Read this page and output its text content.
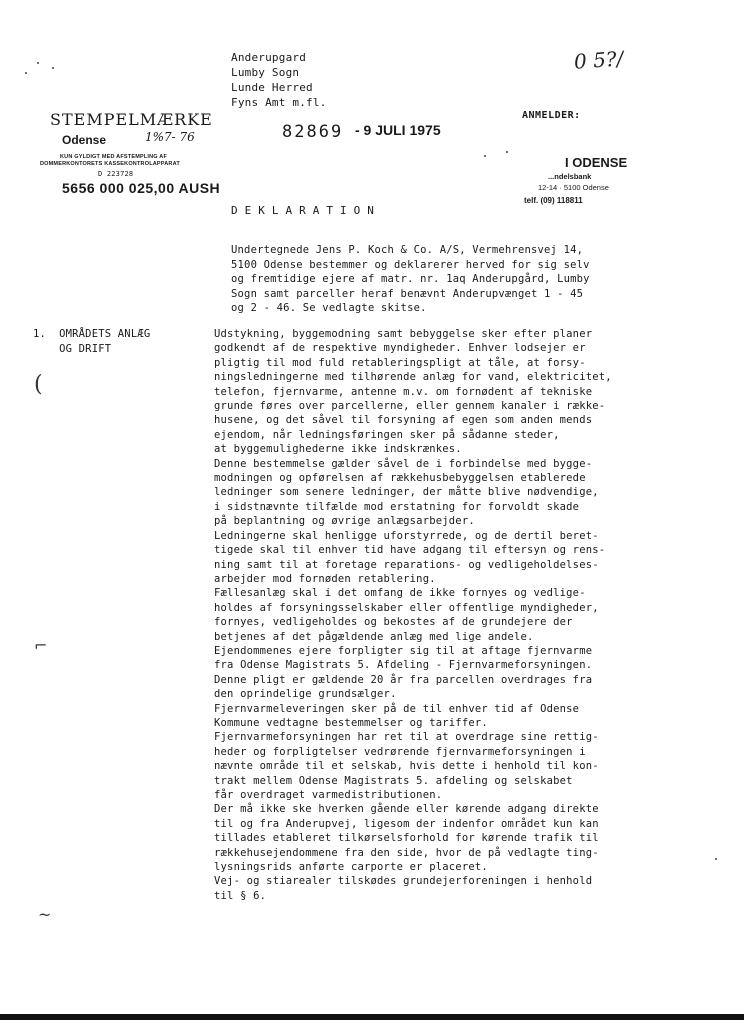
Anderupgard
Lumby Sogn
Lunde Herred
Fyns Amt m.fl.
0 5?/
STEMPELMÆRKE
Odense	1%7- 76
KUN GYLDIGT MED AFSTEMPLING AF
DOMMERKONTORETS KASSEKONTROLAPPARAT
D 223728
5656 000 025,00 AUSH
82869 - 9 JULI 1975
ANMELDER:
I ODENSE
...ndelsbank
12-14 · 5100 Odense
telf. (09) 118811
DEKLARATION
Undertegnede Jens P. Koch & Co. A/S, Vermehrensvej 14,
5100 Odense bestemmer og deklarerer herved for sig selv
og fremtidige ejere af matr. nr. 1aq Anderupgård, Lumby
Sogn samt parceller heraf benævnt Anderupvænget 1 - 45
og 2 - 46. Se vedlagte skitse.
1.  OMRÅDETS ANLÆG
OG DRIFT
Udstykning, byggemodning samt bebyggelse sker efter planer
godkendt af de respektive myndigheder. Enhver lodsejer er
pligtig til mod fuld retableringspligt at tåle, at forsy-
ningsledningerne med tilhørende anlæg for vand, elektricitet,
telefon, fjernvarme, antenne m.v. om fornødent af tekniske
grunde føres over parcellerne, eller gennem kanaler i række-
husene, og det såvel til forsyning af egen som anden mends
ejendom, når ledningsføringen sker på sådanne steder,
at byggemulighederne ikke indskrænkes.
Denne bestemmelse gælder såvel de i forbindelse med bygge-
modningen og opførelsen af rækkehusbebyggelsen etablerede
ledninger som senere ledninger, der måtte blive nødvendige,
i sidstnævnte tilfælde mod erstatning for forvoldt skade
på beplantning og øvrige anlægsarbejder.
Ledningerne skal henligge uforstyrrede, og de dertil beret-
tigede skal til enhver tid have adgang til eftersyn og rens-
ning samt til at foretage reparations- og vedligeholdelses-
arbejder mod fornøden retablering.
Fællesanlæg skal i det omfang de ikke fornyes og vedlige-
holdes af forsyningsselskaber eller offentlige myndigheder,
fornyes, vedligeholdes og bekostes af de grundejere der
betjenes af det pågældende anlæg med lige andele.
Ejendommenes ejere forpligter sig til at aftage fjernvarme
fra Odense Magistrats 5. Afdeling - Fjernvarmeforsyningen.
Denne pligt er gældende 20 år fra parcellen overdrages fra
den oprindelige grundsælger.
Fjernvarmeleveringen sker på de til enhver tid af Odense
Kommune vedtagne bestemmelser og tariffer.
Fjernvarmeforsyningen har ret til at overdrage sine rettig-
heder og forpligtelser vedrørende fjernvarmeforsyningen i
nævnte område til et selskab, hvis dette i henhold til kon-
trakt mellem Odense Magistrats 5. afdeling og selskabet
får overdraget varmedistributionen.
Der må ikke ske hverken gående eller kørende adgang direkte
til og fra Anderupvej, ligesom der indenfor området kun kan
tillades etableret tilkørselsforhold for kørende trafik til
rækkehusejendommene fra den side, hvor de på vedlagte ting-
lysningsrids anførte carporte er placeret.
Vej- og stiarealer tilskødes grundejerforeningen i henhold
til § 6.
(
⌐
~
